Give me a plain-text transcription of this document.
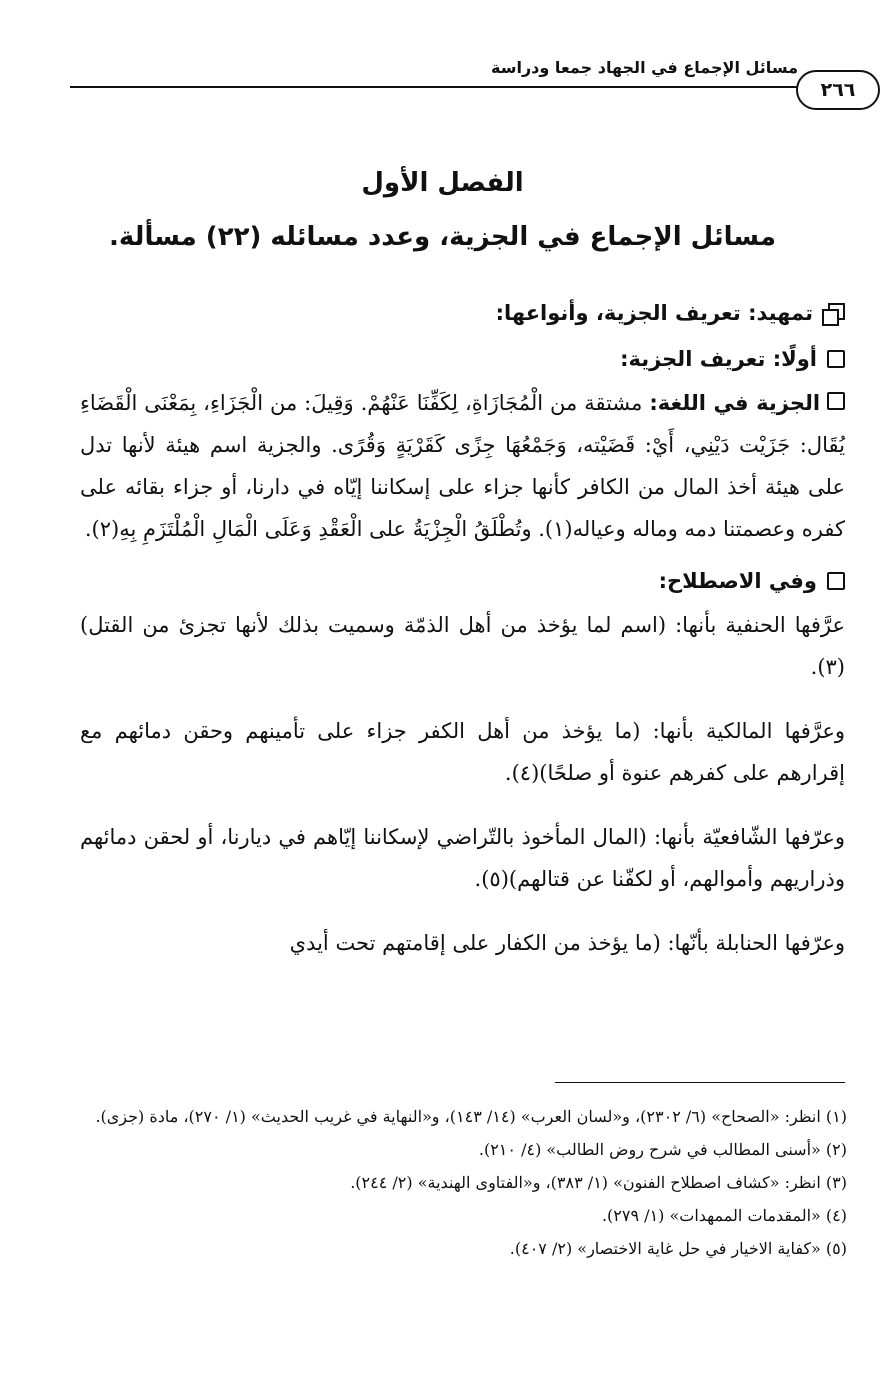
مسائل الإجماع في الجهاد جمعا ودراسة
٢٦٦
الفصل الأول
مسائل الإجماع في الجزية، وعدد مسائله (٢٢) مسألة.
تمهيد: تعريف الجزية، وأنواعها:
أولًا: تعريف الجزية:

الجزية في اللغة: مشتقة من الْمُجَازَاةِ، لِكَفِّنَا عَنْهُمْ. وَقِيلَ: من الْجَزَاءِ، بِمَعْنَى الْقَضَاءِ يُقَال: جَزَيْت دَيْنِي، أَيْ: قَضَيْته، وَجَمْعُهَا جِزًى كَقَرْيَةٍ وَقُرًى. والجزية اسم هيئة لأنها تدل على هيئة أخذ المال من الكافر كأنها جزاء على إسكاننا إيّاه في دارنا، أو جزاء بقائه على كفره وعصمتنا دمه وماله وعياله(١). وتُطْلَقُ الْجِزْيَةُ على الْعَقْدِ وَعَلَى الْمَالِ الْمُلْتَزَمِ بِهِ(٢).

وفي الاصطلاح:

عرَّفها الحنفية بأنها: (اسم لما يؤخذ من أهل الذمّة وسميت بذلك لأنها تجزئ من القتل)(٣).

وعرَّفها المالكية بأنها: (ما يؤخذ من أهل الكفر جزاء على تأمينهم وحقن دمائهم مع إقرارهم على كفرهم عنوة أو صلحًا)(٤).

وعرّفها الشّافعيّة بأنها: (المال المأخوذ بالتّراضي لإسكاننا إيّاهم في ديارنا، أو لحقن دمائهم وذراريهم وأموالهم، أو لكفّنا عن قتالهم)(٥).

وعرّفها الحنابلة بأنّها: (ما يؤخذ من الكفار على إقامتهم تحت أيدي

(١) انظر: «الصحاح» (٦/ ٢٣٠٢)، و«لسان العرب» (١٤/ ١٤٣)، و«النهاية في غريب الحديث» (١/ ٢٧٠)، مادة (جزى).

(٢) «أسنى المطالب في شرح روض الطالب» (٤/ ٢١٠).

(٣) انظر: «كشاف اصطلاح الفنون» (١/ ٣٨٣)، و«الفتاوى الهندية» (٢/ ٢٤٤).

(٤) «المقدمات الممهدات» (١/ ٢٧٩).

(٥) «كفاية الاخيار في حل غاية الاختصار» (٢/ ٤٠٧).
